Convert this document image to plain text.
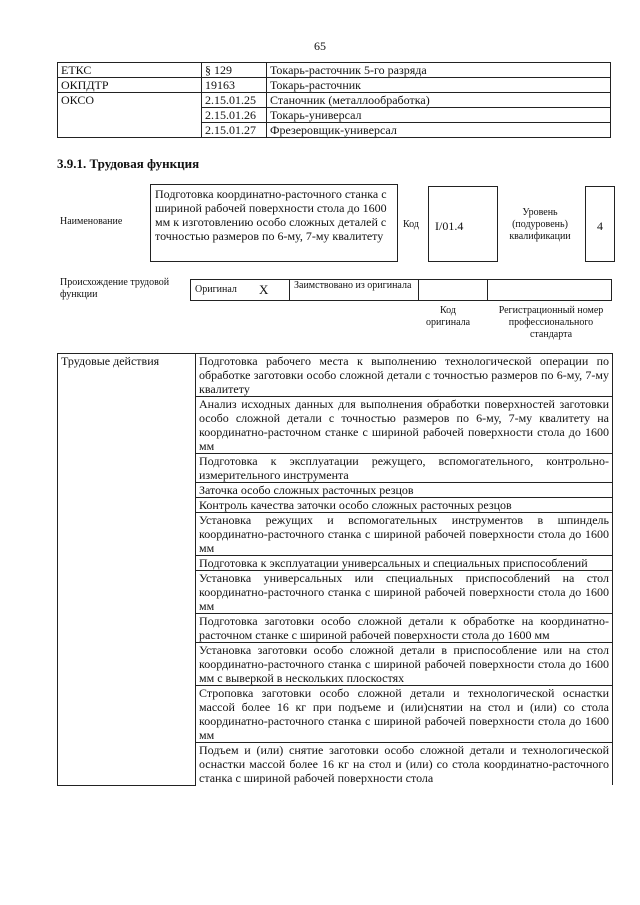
65
ЕТКС	§ 129	Токарь-расточник 5-го разряда
ОКПДТР	19163	Токарь-расточник
ОКСО	2.15.01.25	Станочник (металлообработка)
	2.15.01.26	Токарь-универсал
	2.15.01.27	Фрезеровщик-универсал
3.9.1. Трудовая функция
Наименование
Подготовка координатно-расточного станка с шириной рабочей поверхности стола до 1600 мм к изготовлению особо сложных деталей с точностью размеров по 6-му, 7-му квалитету
Код	I/01.4
Уровень (подуровень) квалификации
4
Происхождение трудовой функции	Оригинал	X	Заимствовано из оригинала		
Код оригинала
Регистрационный номер профессионального стандарта
Трудовые действия	Подготовка рабочего места к выполнению технологической операции по обработке заготовки особо сложной детали с точностью размеров по 6-му, 7-му квалитету
Анализ исходных данных для выполнения обработки поверхностей заготовки особо сложной детали с точностью размеров по 6-му, 7-му квалитету на координатно-расточном станке с шириной рабочей поверхности стола до 1600 мм
Подготовка к эксплуатации режущего, вспомогательного, контрольно-измерительного инструмента
Заточка особо сложных расточных резцов
Контроль качества заточки особо сложных расточных резцов
Установка режущих и вспомогательных инструментов в шпиндель координатно-расточного станка с шириной рабочей поверхности стола до 1600 мм
Подготовка к эксплуатации универсальных и специальных приспособлений
Установка универсальных или специальных приспособлений на стол координатно-расточного станка с шириной рабочей поверхности стола до 1600 мм
Подготовка заготовки особо сложной детали к обработке на координатно-расточном станке с шириной рабочей поверхности стола до 1600 мм
Установка заготовки особо сложной детали в приспособление или на стол координатно-расточного станка с шириной рабочей поверхности стола до 1600 мм с выверкой в нескольких плоскостях
Строповка заготовки особо сложной детали и технологической оснастки массой более 16 кг при подъеме и (или)снятии на стол и (или) со стола координатно-расточного станка с шириной рабочей поверхности стола до 1600 мм
Подъем и (или) снятие заготовки особо сложной детали и технологической оснастки массой более 16 кг на стол и (или) со стола координатно-расточного станка с шириной рабочей поверхности стола
